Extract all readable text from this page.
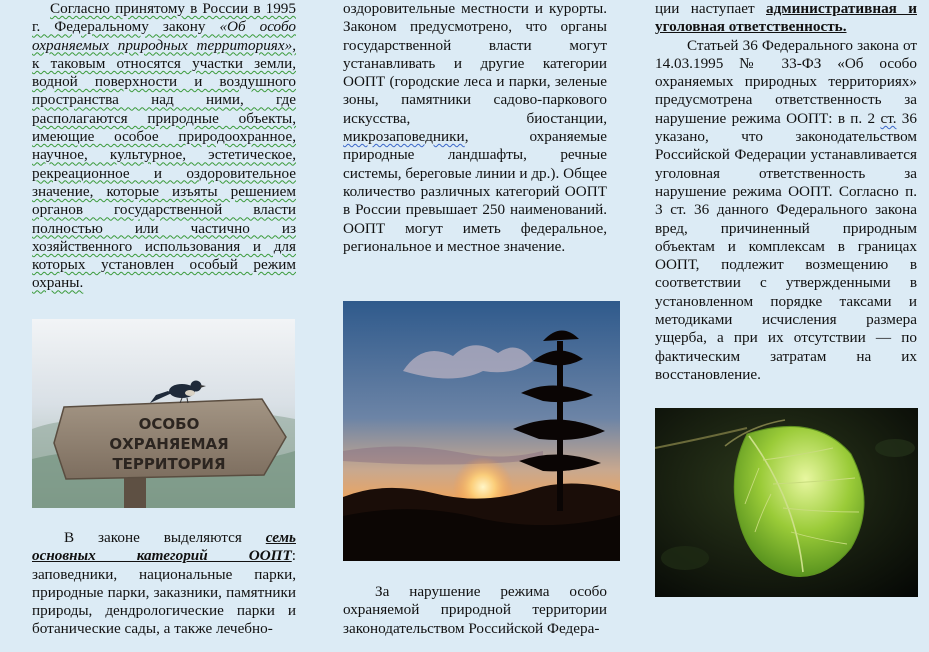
Согласно принятому в России в 1995 г. Федеральному закону «Об особо охраняемых природных территориях», к таковым относятся участки земли, водной поверхности и воздушного пространства над ними, где располагаются природные объекты, имеющие особое природоохранное, научное, культурное, эстетическое, рекреационное и оздоровительное значение, которые изъяты решением органов государственной власти полностью или частично из хозяйственного использования и для которых установлен особый режим охраны.

ОСОБО
ОХРАНЯЕМАЯ
ТЕРРИТОРИЯ

В законе выделяются семь основных категорий ООПТ: заповедники, национальные парки, природные парки, заказники, памятники природы, дендрологические парки и ботанические сады, а также лечебно-

оздоровительные местности и курорты. Законом предусмотрено, что органы государственной власти могут устанавливать и другие категории ООПТ (городские леса и парки, зеленые зоны, памятники садово-паркового искусства, биостанции, микрозаповедники, охраняемые природные ландшафты, речные системы, береговые линии и др.). Общее количество различных категорий ООПТ в России превышает 250 наименований. ООПТ могут иметь федеральное, региональное и местное значение.

За нарушение режима особо охраняемой природной территории законодательством Российской Федера-

ции наступает административная и уголовная ответственность.

Статьей 36 Федерального закона от 14.03.1995 № 33-ФЗ «Об особо охраняемых природных территориях» предусмотрена ответственность за нарушение режима ООПТ: в п. 2 ст. 36 указано, что законодательством Российской Федерации устанавливается уголовная ответственность за нарушение режима ООПТ. Согласно п. 3 ст. 36 данного Федерального закона вред, причиненный природным объектам и комплексам в границах ООПТ, подлежит возмещению в соответствии с утвержденными в установленном порядке таксами и методиками исчисления размера ущерба, а при их отсутствии — по фактическим затратам на их восстановление.
